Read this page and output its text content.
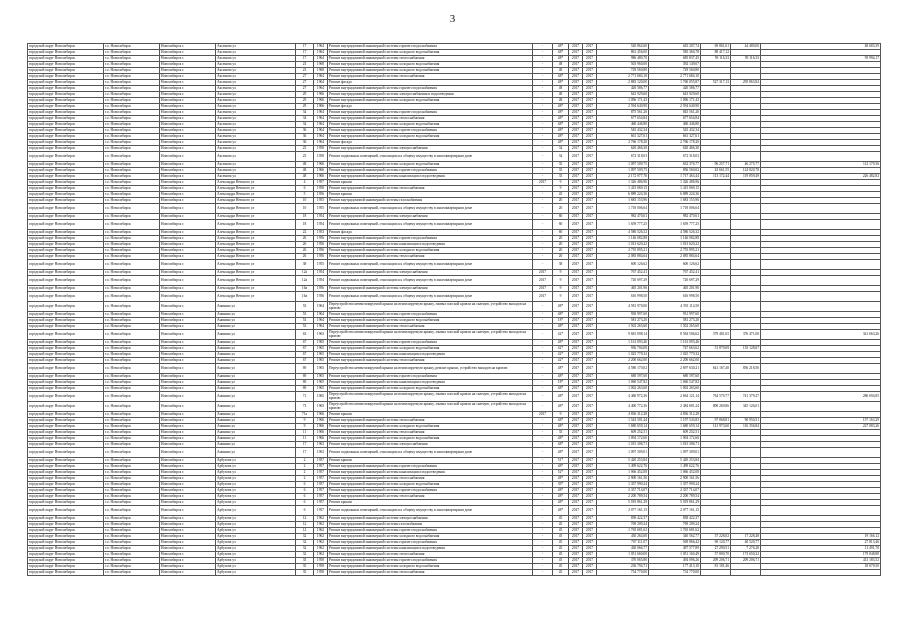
3
городской округ Новосибирск	г.о. Новосибирск	Новосибирск г.	Аксенова ул	17	1964	Ремонт внутридомовой инженерной системы горячего водоснабжения	-	48*	2017	2017	520 862,60	645 207,74	69 861,61	44 480,00	48 683,39
городской округ Новосибирск	г.о. Новосибирск	Новосибирск г.	Аксенова ул	17	1964	Ремонт внутридомовой инженерной системы холодного водоснабжения	-	48*	2017	2017	861 456,00	585 366,78	88 417,12		
городской округ Новосибирск	г.о. Новосибирск	Новосибирск г.	Аксенова ул	17	1964	Ремонт внутридомовой инженерной системы теплоснабжения	-	48*	2017	2017	986 480,70	685 837,45	59 116,33	59 116,33	59 994,17
городской округ Новосибирск	г.о. Новосибирск	Новосибирск г.	Аксенова ул	23	1968	Ремонт внутридомовой инженерной системы холодного водоснабжения	-	48	2017	2017	503 960,00	392 149,67			
городской округ Новосибирск	г.о. Новосибирск	Новосибирск г.	Аксенова ул	23	1968	Ремонт внутридомовой инженерной системы холодного водоснабжения	-	48	2017	2017	729 560,80	729 560,80			
городской округ Новосибирск	г.о. Новосибирск	Новосибирск г.	Аксенова ул	27	1964	Ремонт внутридомовой инженерной системы теплоснабжения	-	48*	2017	2017	2 771 684,10	2 771 684,10			
городской округ Новосибирск	г.о. Новосибирск	Новосибирск г.	Аксенова ул	27	1964	Ремонт фасада	-	48*	2017	2017	2 883 120,00	1 760 055,87	527 317,13	295 863,82	
городской округ Новосибирск	г.о. Новосибирск	Новосибирск г.	Аксенова ул	27	1964	Ремонт внутридомовой инженерной системы горячего водоснабжения	-	48	2017	2017	420 586,77	420 586,77			
городской округ Новосибирск	г.о. Новосибирск	Новосибирск г.	Аксенова ул	29	1966	Ремонт внутридомовой инженерной системы электроснабжения и водоотведения	-	48	2017	2017	643 929,60	643 929,60			
городской округ Новосибирск	г.о. Новосибирск	Новосибирск г.	Аксенова ул	29	1966	Ремонт внутридомовой инженерной системы холодного водоснабжения	-	48	2017	2017	1 096 171,43	1 096 171,43			
городской округ Новосибирск	г.о. Новосибирск	Новосибирск г.	Аксенова ул	29	1966	Ремонт фасада	-	48*	2017	2017	2 594 640,90	2 594 640,90			
городской округ Новосибирск	г.о. Новосибирск	Новосибирск г.	Аксенова ул	34	1964	Ремонт внутридомовой инженерной системы горячего водоснабжения	-	48*	2017	2017	875 561,26	845 561,26			
городской округ Новосибирск	г.о. Новосибирск	Новосибирск г.	Аксенова ул	34	1964	Ремонт внутридомовой инженерной системы теплоснабжения	-	48*	2017	2017	677 654,84	677 654,84			
городской округ Новосибирск	г.о. Новосибирск	Новосибирск г.	Аксенова ул	34	1964	Ремонт внутридомовой инженерной системы холодного водоснабжения	-	48*	2017	2017	460 446,80	460 446,80			
городской округ Новосибирск	г.о. Новосибирск	Новосибирск г.	Аксенова ул	36	1964	Ремонт внутридомовой инженерной системы горячего водоснабжения	-	48*	2017	2017	545 432,34	545 432,34			
городской округ Новосибирск	г.о. Новосибирск	Новосибирск г.	Аксенова ул	36	1964	Ремонт внутридомовой инженерной системы холодного водоснабжения	-	48*	2017	2017	661 327,61	661 327,61			
городской округ Новосибирск	г.о. Новосибирск	Новосибирск г.	Аксенова ул	36	1964	Ремонт фасада	-	48*	2017	2017	2 766 178,20	2 766 178,20			
городской округ Новосибирск	г.о. Новосибирск	Новосибирск г.	Аксенова ул	25	1958	Ремонт внутридомовой инженерной системы электроснабжения	-	34	2017	2017	620 466,30	620 466,30			
городской округ Новосибирск	г.о. Новосибирск	Новосибирск г.	Аксенова ул	25	1958	Ремонт подвальных помещений, относящихся к общему имуществу в многоквартирном доме	-	34	2017	2017	672 318,03	672 318,03			
городской округ Новосибирск	г.о. Новосибирск	Новосибирск г.	Аксенова ул	48	1966	Ремонт внутридомовой инженерной системы холодного водоснабжения	-	35	2017	2017	1 097 509,75	632 376,77	96 257,71	46 275,77	112 179,36
городской округ Новосибирск	г.о. Новосибирск	Новосибирск г.	Аксенова ул	48	1966	Ремонт внутридомовой инженерной системы горячего водоснабжения	-	35	2017	2017	1 097 509,75	856 560,02	43 661,55	124 820,78	
городской округ Новосибирск	г.о. Новосибирск	Новосибирск г.	Аксенова ул	48	1966	Ремонт внутридомовой инженерной системы канализации и водоотведения	-	35	2017	2017	2 172 977,76	1 717 463,44	113 172,44	119 859,49	226 482,82
городской округ Новосибирск	г.о. Новосибирск	Новосибирск г.	Александра Невского ул	4	1957	Ремонт крыши	2017	9	2017	2017	1 326 486,96	1 326 486,96			
городской округ Новосибирск	г.о. Новосибирск	Новосибирск г.	Александра Невского ул	6	1958	Ремонт внутридомовой инженерной системы теплоснабжения	-	9	2017	2017	1 415 069,15	1 415 069,15			
городской округ Новосибирск	г.о. Новосибирск	Новосибирск г.	Александра Невского ул	5	1956	Ремонт крыши	-	45	2017	2017	6 889 224,36	6 889 224,36			
городской округ Новосибирск	г.о. Новосибирск	Новосибирск г.	Александра Невского ул	10	1955	Ремонт внутридомовой инженерной системы газоснабжения	-	20	2017	2017	1 683 153,96	1 683 153,96			
городской округ Новосибирск	г.о. Новосибирск	Новосибирск г.	Александра Невского ул	10	1955	Ремонт подвальных помещений, относящихся к общему имуществу в многоквартирном доме	-	20	2017	2017	1 718 006,64	1 718 006,64			
городской округ Новосибирск	г.о. Новосибирск	Новосибирск г.	Александра Невского ул	18	1954	Ремонт внутридомовой инженерной системы электроснабжения	-	60	2017	2017	982 470,61	982 470,61			
городской округ Новосибирск	г.о. Новосибирск	Новосибирск г.	Александра Невского ул	18	1954	Ремонт подвальных помещений, относящихся к общему имуществу в многоквартирном доме	-	60	2017	2017	1 659 777,25	1 659 777,25			
городской округ Новосибирск	г.о. Новосибирск	Новосибирск г.	Александра Невского ул	22	1953	Ремонт фасада	-	60	2017	2017	4 586 526,32	4 586 526,32			
городской округ Новосибирск	г.о. Новосибирск	Новосибирск г.	Александра Невского ул	26	1956	Ремонт внутридомовой инженерной системы горячего водоснабжения	-	20	2017	2017	1 146 082,88	1 146 082,88			
городской округ Новосибирск	г.о. Новосибирск	Новосибирск г.	Александра Невского ул	26	1956	Ремонт внутридомовой инженерной системы канализации и водоотведения	-	20	2017	2017	1 013 620,22	1 013 620,22			
городской округ Новосибирск	г.о. Новосибирск	Новосибирск г.	Александра Невского ул	26	1956	Ремонт внутридомовой инженерной системы холодного водоснабжения	-	20	2017	2017	2 755 895,21	2 755 895,21			
городской округ Новосибирск	г.о. Новосибирск	Новосибирск г.	Александра Невского ул	26	1956	Ремонт внутридомовой инженерной системы теплоснабжения	-	20	2017	2017	2 085 884,64	2 085 884,64			
городской округ Новосибирск	г.о. Новосибирск	Новосибирск г.	Александра Невского ул	38	1955	Ремонт подвальных помещений, относящихся к общему имуществу в многоквартирном доме	-	38	2017	2017	600 126,62	600 126,62			
городской округ Новосибирск	г.о. Новосибирск	Новосибирск г.	Александра Невского ул	12а	1954	Ремонт внутридомовой инженерной системы электроснабжения	2017	9	2017	2017	767 452,41	767 452,41			
городской округ Новосибирск	г.о. Новосибирск	Новосибирск г.	Александра Невского ул	12а	1954	Ремонт подвальных помещений, относящихся к общему имуществу в многоквартирном доме	2017	9	2017	2017	720 697,29	720 697,29			
городской округ Новосибирск	г.о. Новосибирск	Новосибирск г.	Александра Невского ул	16а	1956	Ремонт внутридомовой инженерной системы электроснабжения	2017	9	2017	2017	465 201,96	465 201,96			
городской округ Новосибирск	г.о. Новосибирск	Новосибирск г.	Александра Невского ул	16а	1956	Ремонт подвальных помещений, относящихся к общему имуществу в многоквартирном доме	2017	9	2017	2017	616 998,50	616 998,50			
городской округ Новосибирск	г.о. Новосибирск	Новосибирск г.	Аникина ул	53	1964	Переустройство невентилируемой крыши на вентилируемую крышу, замена плоской кровли на скатную, устройство выходов на кровлю	-	48*	2017	2017	4 581 970,00	4 391 114,50			
городской округ Новосибирск	г.о. Новосибирск	Новосибирск г.	Аникина ул	53	1964	Ремонт внутридомовой инженерной системы горячего водоснабжения	-	48*	2017	2017	930 997,60	931 997,60			
городской округ Новосибирск	г.о. Новосибирск	Новосибирск г.	Аникина ул	53	1964	Ремонт внутридомовой инженерной системы холодного водоснабжения	-	18*	2017	2017	581 273,20	581 273,20			
городской округ Новосибирск	г.о. Новосибирск	Новосибирск г.	Аникина ул	53	1964	Ремонт внутридомовой инженерной системы теплоснабжения	-	48*	2017	2017	1 502 265,60	1 502 265,60			
городской округ Новосибирск	г.о. Новосибирск	Новосибирск г.	Аникина ул	63	1963	Переустройство невентилируемой крыши на вентилируемую крышу, замена плоской кровли на скатную, устройство выходов на кровлю	-	42*	2017	2017	9 681 098,14	8 584 506,62	379 481,65	376 471,00	341 663,26
городской округ Новосибирск	г.о. Новосибирск	Новосибирск г.	Аникина ул	67	1965	Ремонт внутридомовой инженерной системы горячего водоснабжения	-	48*	2017	2017	1 161 093,46	1 161 093,46			
городской округ Новосибирск	г.о. Новосибирск	Новосибирск г.	Аникина ул	67	1965	Ремонт внутридомовой инженерной системы холодного водоснабжения	-	42*	2017	2017	936 704,08	747 663,62	51 879,69	135 128,67	
городской округ Новосибирск	г.о. Новосибирск	Новосибирск г.	Аникина ул	67	1965	Ремонт внутридомовой инженерной системы канализации и водоотведения	-	42*	2017	2017	1 025 779,32	1 025 779,32			
городской округ Новосибирск	г.о. Новосибирск	Новосибирск г.	Аникина ул	67	1965	Ремонт внутридомовой инженерной системы теплоснабжения	-	42*	2017	2017	2 200 662,00	2 200 662,00			
городской округ Новосибирск	г.о. Новосибирск	Новосибирск г.	Аникина ул	69	1965	Переустройство невентилируемой крыши на вентилируемую крышу, ремонт крыши, устройство выходов на кровлю	-	48*	2017	2017	4 580 170,02	2 697 630,21	641 167,40	856 218,56	
городской округ Новосибирск	г.о. Новосибирск	Новосибирск г.	Аникина ул	69	1965	Ремонт внутридомовой инженерной системы горячего водоснабжения	-	48*	2017	2017	680 597,60	680 597,60			
городской округ Новосибирск	г.о. Новосибирск	Новосибирск г.	Аникина ул	69	1965	Ремонт внутридомовой инженерной системы канализации и водоотведения	-	18*	2017	2017	1 060 547,82	1 060 547,82			
городской округ Новосибирск	г.о. Новосибирск	Новосибирск г.	Аникина ул	69	1965	Ремонт внутридомовой инженерной системы холодного водоснабжения	-	48*	2017	2017	1 002 263,60	1 002 263,60			
городской округ Новосибирск	г.о. Новосибирск	Новосибирск г.	Аникина ул	71	1965	Переустройство невентилируемой крыши на вентилируемую крышу, замена плоской кровли на скатную, устройство выходов на кровлю	-	48*	2017	2017	4 460 972,36	2 664 121,14	764 579,77	741 379,27	286 694,85
городской округ Новосибирск	г.о. Новосибирск	Новосибирск г.	Аникина ул	73	1965	Переустройство невентилируемой крыши на вентилируемую крышу, замена плоской кровли на скатную, устройство выходов на кровлю	-	48*	2017	2017	4 400 772,36	2 484 681,24	808 269,86	345 126,01	
городской округ Новосибирск	г.о. Новосибирск	Новосибирск г.	Аникина ул	71а	1966	Ремонт крыши	2017	9	2017	2017	4 836 312,28	4 836 312,28			
городской округ Новосибирск	г.о. Новосибирск	Новосибирск г.	Аникина ул	9	1966	Ремонт внутридомовой инженерной системы теплоснабжения	-	48*	2017	2017	1 543 501,44	1 197 543,83	97 868,81	90 950,51	157 163,29
городской округ Новосибирск	г.о. Новосибирск	Новосибирск г.	Аникина ул	9	1966	Ремонт внутридомовой инженерной системы холодного водоснабжения	-	48*	2017	2017	1 680 659,14	1 680 659,14	141 973,60	116 356,84	227 083,26
городской округ Новосибирск	г.о. Новосибирск	Новосибирск г.	Аникина ул	11	1966	Ремонт внутридомовой инженерной системы теплоснабжения	-	35	2017	2017	609 252,51	609 252,51			
городской округ Новосибирск	г.о. Новосибирск	Новосибирск г.	Аникина ул	11	1966	Ремонт внутридомовой инженерной системы холодного водоснабжения	-	48*	2017	2017	1 094 172,60	1 094 172,60			
городской округ Новосибирск	г.о. Новосибирск	Новосибирск г.	Аникина ул	17	1963	Ремонт внутридомовой инженерной системы электроснабжения	-	48*	2017	2017	1 015 306,71	1 015 306,71			
городской округ Новосибирск	г.о. Новосибирск	Новосибирск г.	Аникина ул	17	1963	Ремонт подвальных помещений, относящихся к общему имуществу в многоквартирном доме	-	48*	2017	2017	1 097 309,01	1 097 309,01			
городской округ Новосибирск	г.о. Новосибирск	Новосибирск г.	Арбузова ул	2	1957	Ремонт крыши	-	51*	2017	2017	5 420 253,84	5 420 253,84			
городской округ Новосибирск	г.о. Новосибирск	Новосибирск г.	Арбузова ул	2	1957	Ремонт внутридомовой инженерной системы горячего водоснабжения	-	48*	2017	2017	1 499 622,76	1 499 622,76			
городской округ Новосибирск	г.о. Новосибирск	Новосибирск г.	Арбузова ул	2	1957	Ремонт внутридомовой инженерной системы канализации и водоотведения	-	52*	2017	2017	1 066 452,08	1 066 452,08			
городской округ Новосибирск	г.о. Новосибирск	Новосибирск г.	Арбузова ул	2	1957	Ремонт внутридомовой инженерной системы теплоснабжения	-	48*	2017	2017	2 900 161,56	2 900 161,56			
городской округ Новосибирск	г.о. Новосибирск	Новосибирск г.	Арбузова ул	6	1957	Ремонт внутридомовой инженерной системы холодного водоснабжения	-	39*	2017	2017	1 357 990,24	1 357 990,24			
городской округ Новосибирск	г.о. Новосибирск	Новосибирск г.	Арбузова ул	6	1957	Ремонт внутридомовой инженерной системы горячего водоснабжения	-	48*	2017	2017	2 337 714,07	2 337 714,07			
городской округ Новосибирск	г.о. Новосибирск	Новосибирск г.	Арбузова ул	6	1957	Ремонт внутридомовой инженерной системы теплоснабжения	-	48*	2017	2017	2 200 789,54	2 200 789,54			
городской округ Новосибирск	г.о. Новосибирск	Новосибирск г.	Арбузова ул	6	1957	Ремонт крыши	-	48*	2017	2017	5 019 861,29	5 019 861,29			
городской округ Новосибирск	г.о. Новосибирск	Новосибирск г.	Арбузова ул	6	1957	Ремонт подвальных помещений, относящихся к общему имуществу в многоквартирном доме	-	48*	2017	2017	2 077 161,15	2 077 161,15			
городской округ Новосибирск	г.о. Новосибирск	Новосибирск г.	Арбузова ул	12	1962	Ремонт внутридомовой инженерной системы электроснабжения	-	45	2017	2017	858 422,37	858 422,37			
городской округ Новосибирск	г.о. Новосибирск	Новосибирск г.	Арбузова ул	12	1962	Ремонт внутридомовой инженерной системы газоснабжения	-	45	2017	2017	769 209,24	769 209,24			
городской округ Новосибирск	г.о. Новосибирск	Новосибирск г.	Арбузова ул	12	1962	Ремонт внутридомовой инженерной системы горячего водоснабжения	-	45	2017	2017	1 765 681,62	1 765 681,62			
городской округ Новосибирск	г.о. Новосибирск	Новосибирск г.	Арбузова ул	32	1962	Ремонт внутридомовой инженерной системы холодного водоснабжения	-	45	2017	2017	430 264,00	340 562,77	37 228,02	17 228,48	19 166,12
городской округ Новосибирск	г.о. Новосибирск	Новосибирск г.	Арбузова ул	32	1962	Ремонт внутридомовой инженерной системы горячего водоснабжения	-	45	2017	2017	707 111,07	569 866,42	69 120,77	40 520,77	27 813,46
городской округ Новосибирск	г.о. Новосибирск	Новосибирск г.	Арбузова ул	32	1962	Ремонт внутридомовой инженерной системы канализации и водоотведения	-	45	2017	2017	430 066,77	497 577,89	27 290,51	7 276,28	11 491,70
городской округ Новосибирск	г.о. Новосибирск	Новосибирск г.	Арбузова ул	32	1962	Ремонт внутридомовой инженерной системы теплоснабжения	-	45	2017	2017	1 051 660,00	1 051 160,49	57 800,70	173 650,22	179 848,88
городской округ Новосибирск	г.о. Новосибирск	Новосибирск г.	Арбузова ул	35	1958	Ремонт внутридомовой инженерной системы горячего водоснабжения	-	45	2017	2017	370 065,80	494 096,26	209 206,71	209 206,71	413 183,52
городской округ Новосибирск	г.о. Новосибирск	Новосибирск г.	Арбузова ул	35	1958	Ремонт внутридомовой инженерной системы холодного водоснабжения	-	45	2017	2017	236 794,71	177 413,10	81 181,46		18 679,50
городской округ Новосибирск	г.о. Новосибирск	Новосибирск г.	Арбузова ул	35	1958	Ремонт внутридомовой инженерной системы теплоснабжения	-	45	2017	2017	734 770,00	734 770,00			
